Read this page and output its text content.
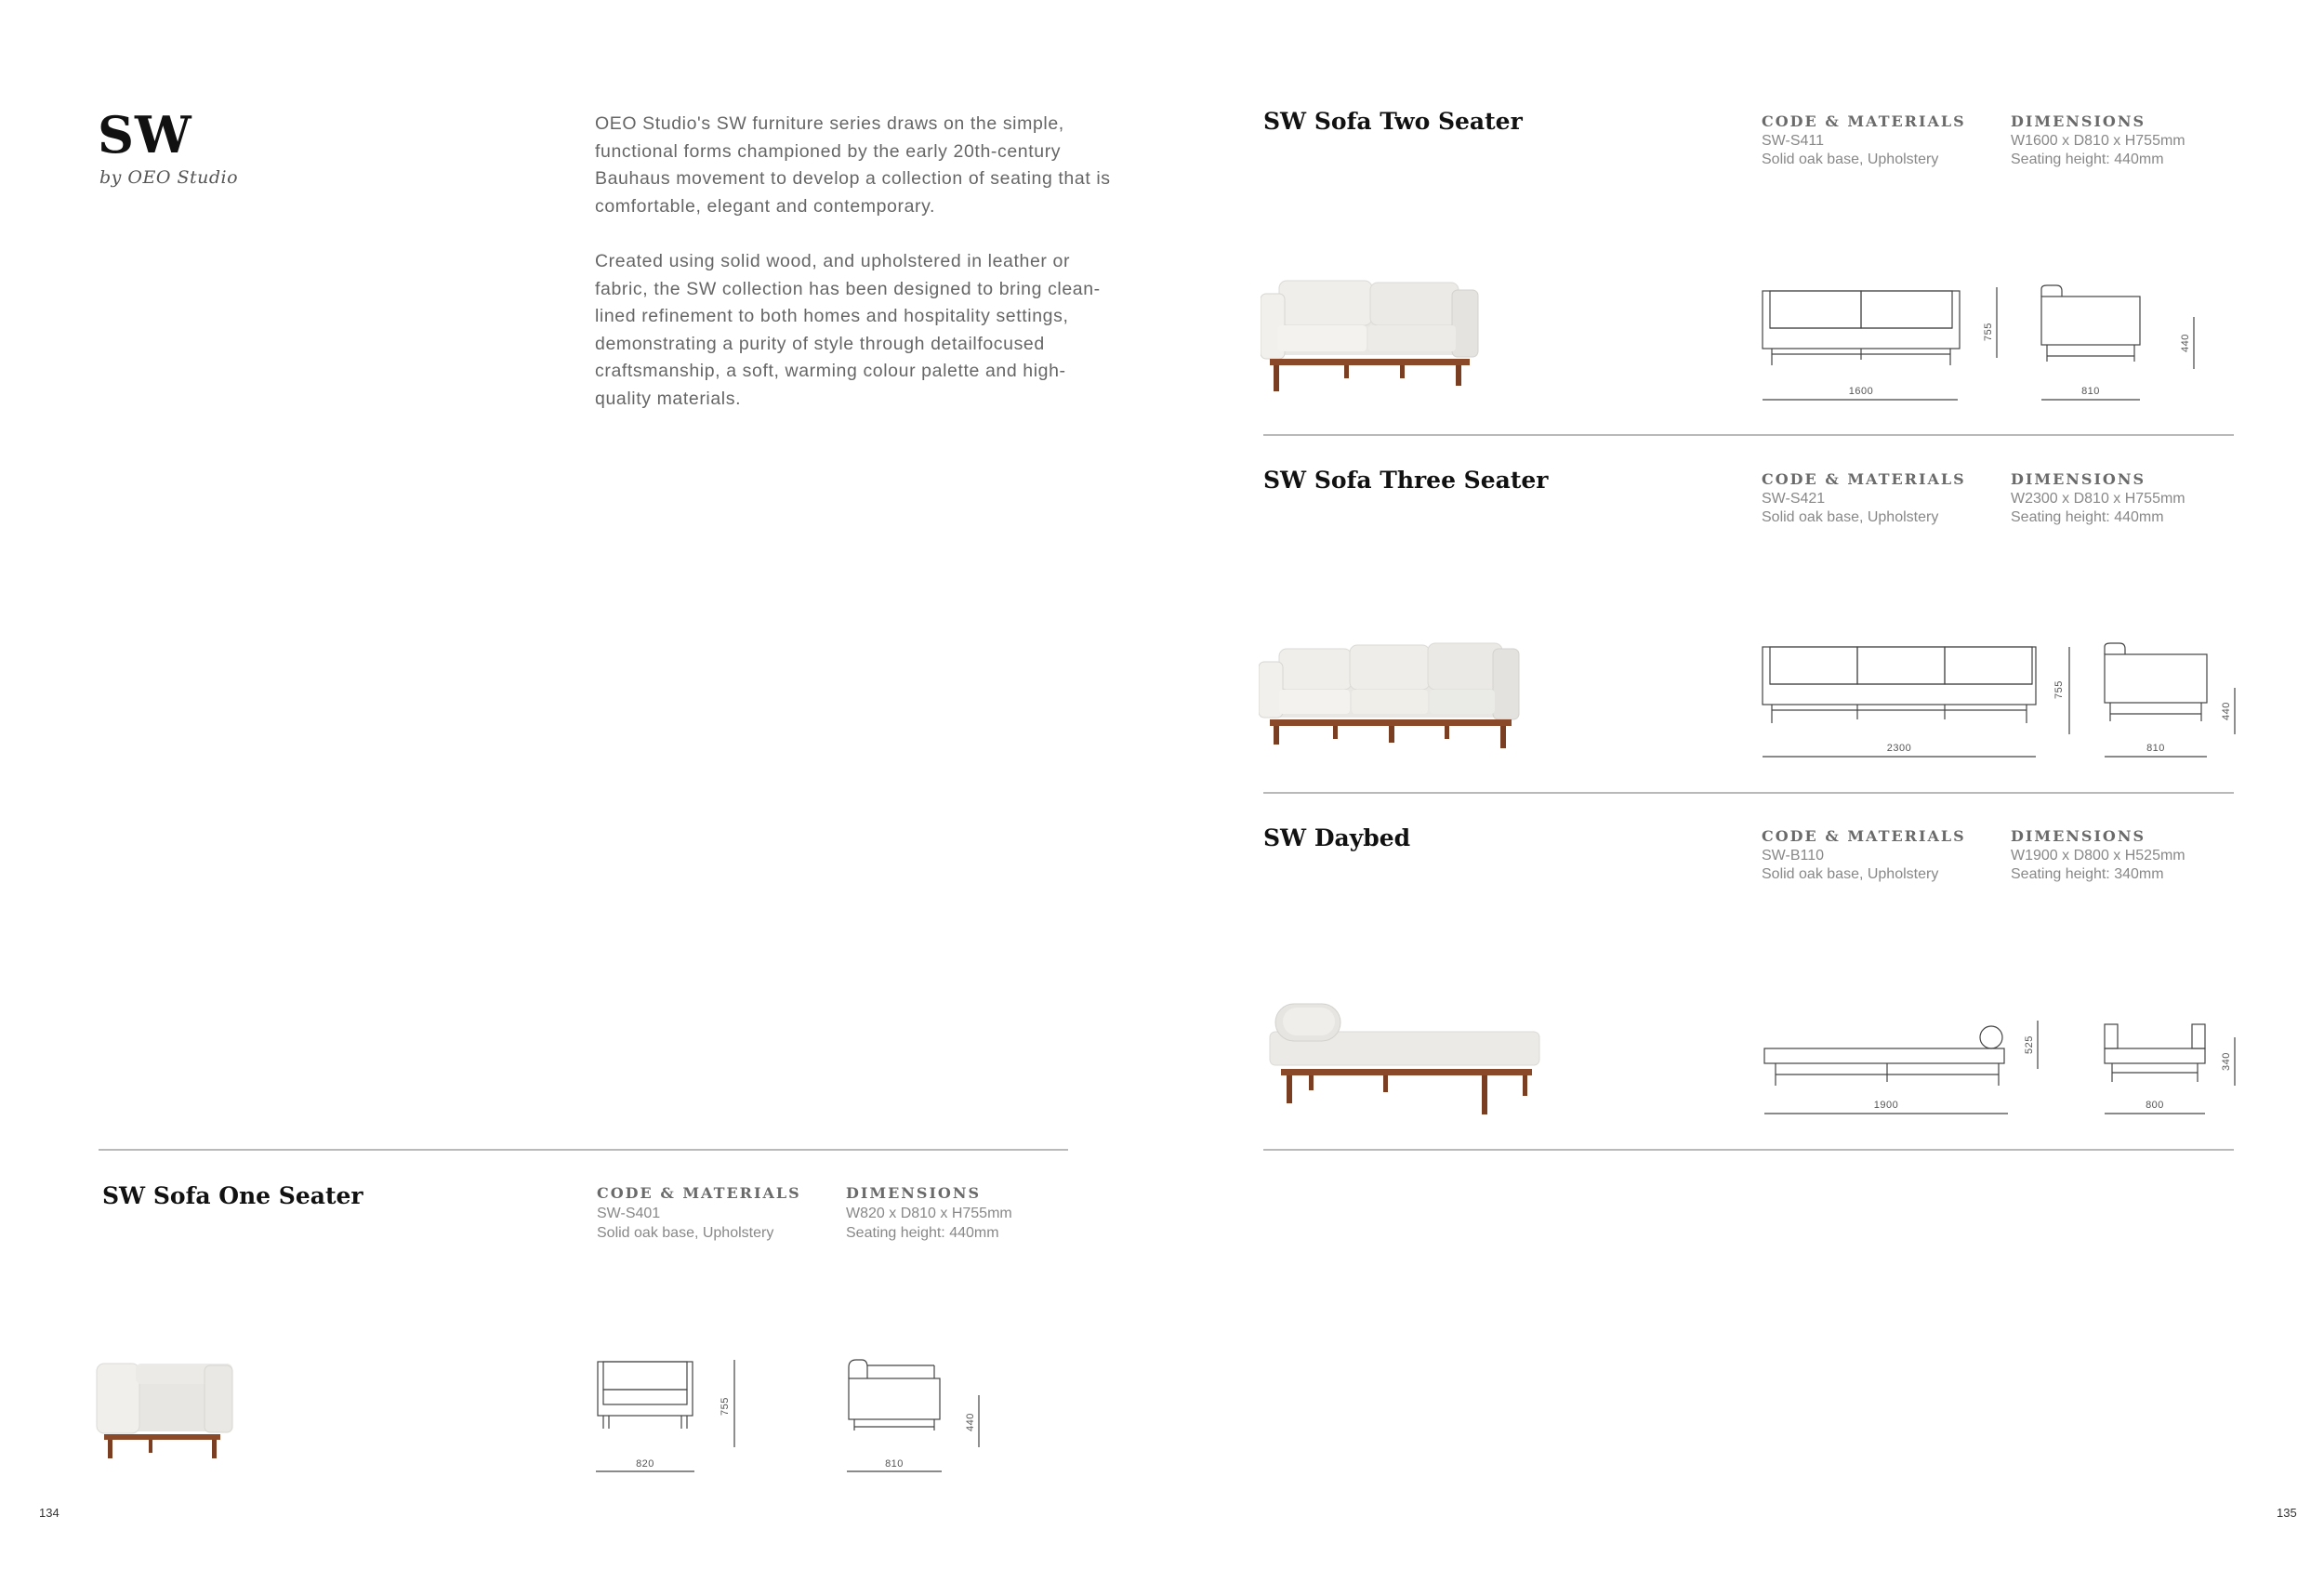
SW
by OEO Studio

OEO Studio's SW furniture series draws on the simple, functional forms championed by the early 20th-century Bauhaus movement to develop a collection of seating that is comfortable, elegant and contemporary.

Created using solid wood, and upholstered in leather or fabric, the SW collection has been designed to bring clean-lined refinement to both homes and hospitality settings, demonstrating a purity of style through detailfocused craftsmanship, a soft, warming colour palette and high-quality materials.

SW Sofa One Seater	CODE & MATERIALS
SW-S401
Solid oak base, Upholstery
DIMENSIONS
W820 x D810 x H755mm
Seating height: 440mm
755
820
440
810
134
SW Sofa Two Seater	CODE & MATERIALS
SW-S411
Solid oak base, Upholstery
DIMENSIONS
W1600 x D810 x H755mm
Seating height: 440mm
755
1600
440
810
SW Sofa Three Seater	CODE & MATERIALS
SW-S421
Solid oak base, Upholstery
DIMENSIONS
W2300 x D810 x H755mm
Seating height: 440mm
755
2300
440
810
SW Daybed	CODE & MATERIALS
SW-B110
Solid oak base, Upholstery
DIMENSIONS
W1900 x D800 x H525mm
Seating height: 340mm
525
1900
340
800
135
